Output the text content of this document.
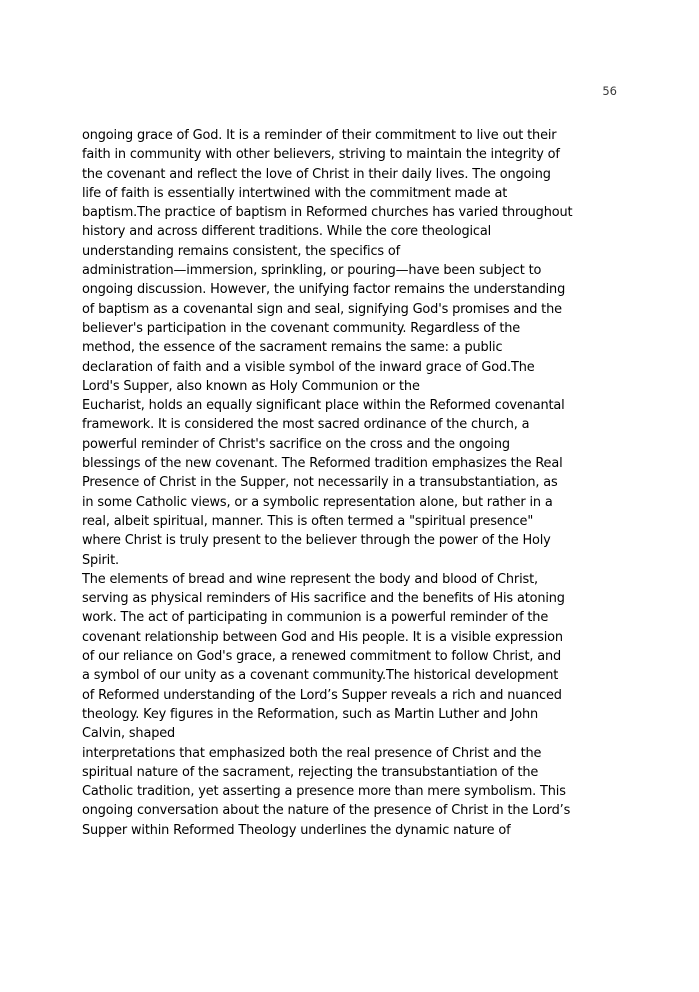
56
ongoing grace of God. It is a reminder of their commitment to live out their
faith in community with other believers, striving to maintain the integrity of
the covenant and reflect the love of Christ in their daily lives. The ongoing
life of faith is essentially intertwined with the commitment made at
baptism.The practice of baptism in Reformed churches has varied throughout
history and across different traditions. While the core theological
understanding remains consistent, the specifics of
administration—immersion, sprinkling, or pouring—have been subject to
ongoing discussion. However, the unifying factor remains the understanding
of baptism as a covenantal sign and seal, signifying God's promises and the
believer's participation in the covenant community. Regardless of the
method, the essence of the sacrament remains the same: a public
declaration of faith and a visible symbol of the inward grace of God.The
Lord's Supper, also known as Holy Communion or the
Eucharist, holds an equally significant place within the Reformed covenantal
framework. It is considered the most sacred ordinance of the church, a
powerful reminder of Christ's sacrifice on the cross and the ongoing
blessings of the new covenant. The Reformed tradition emphasizes the Real
Presence of Christ in the Supper, not necessarily in a transubstantiation, as
in some Catholic views, or a symbolic representation alone, but rather in a
real, albeit spiritual, manner. This is often termed a "spiritual presence"
where Christ is truly present to the believer through the power of the Holy
Spirit.
The elements of bread and wine represent the body and blood of Christ,
serving as physical reminders of His sacrifice and the benefits of His atoning
work. The act of participating in communion is a powerful reminder of the
covenant relationship between God and His people. It is a visible expression
of our reliance on God's grace, a renewed commitment to follow Christ, and
a symbol of our unity as a covenant community.The historical development
of Reformed understanding of the Lord’s Supper reveals a rich and nuanced
theology. Key figures in the Reformation, such as Martin Luther and John
Calvin, shaped
interpretations that emphasized both the real presence of Christ and the
spiritual nature of the sacrament, rejecting the transubstantiation of the
Catholic tradition, yet asserting a presence more than mere symbolism. This
ongoing conversation about the nature of the presence of Christ in the Lord’s
Supper within Reformed Theology underlines the dynamic nature of
